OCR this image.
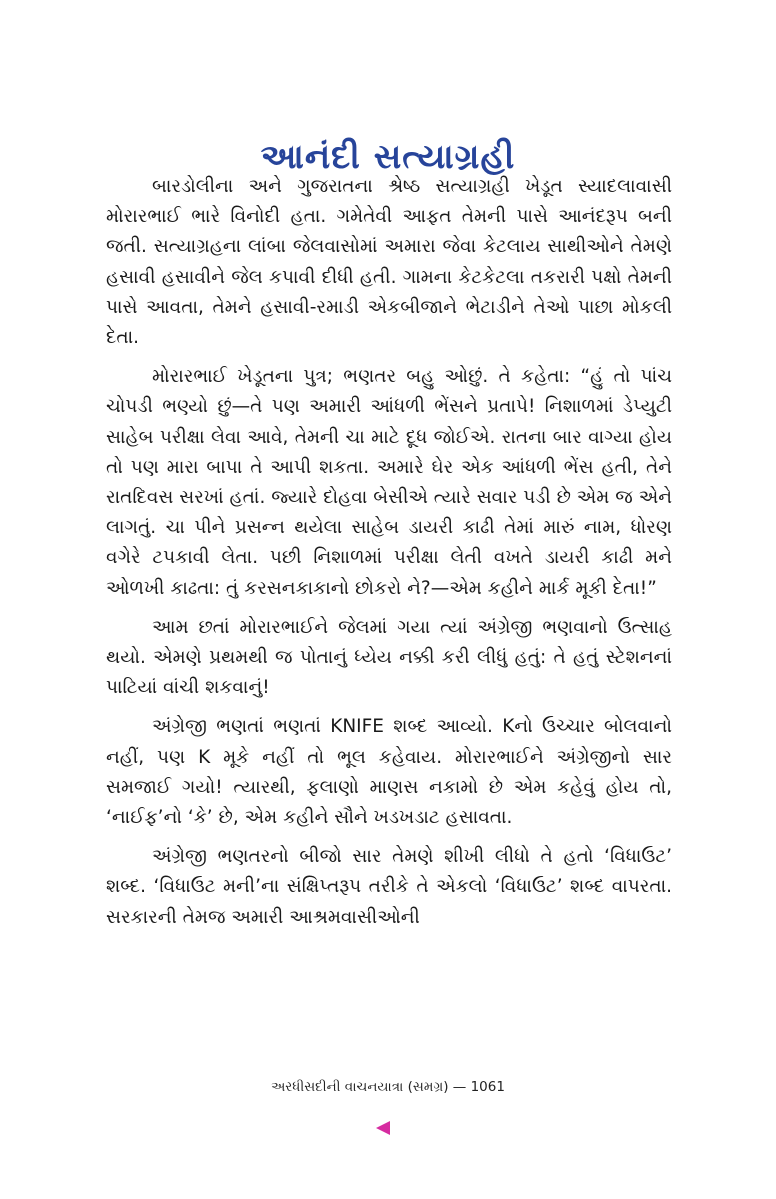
આનંદી સત્યાગ્રહી

બારડોલીના અને ગુજરાતના શ્રેષ્ઠ સત્યાગ્રહી ખેડૂત સ્યાદલાવાસી મોરારભાઈ ભારે વિનોદી હતા. ગમેતેવી આફત તેમની પાસે આનંદરૂપ બની જતી. સત્યાગ્રહના લાંબા જેલવાસોમાં અમારા જેવા કેટલાય સાથીઓને તેમણે હસાવી હસાવીને જેલ કપાવી દીધી હતી. ગામના કેટકેટલા તકરારી પક્ષો તેમની પાસે આવતા, તેમને હસાવી-રમાડી એકબીજાને ભેટાડીને તેઓ પાછા મોકલી દેતા.

મોરારભાઈ ખેડૂતના પુત્ર; ભણતર બહુ ઓછું. તે કહેતા: “હું તો પાંચ ચોપડી ભણ્યો છું—તે પણ અમારી આંધળી ભેંસને પ્રતાપે! નિશાળમાં ડેપ્યુટી સાહેબ પરીક્ષા લેવા આવે, તેમની ચા માટે દૂધ જોઈએ. રાતના બાર વાગ્યા હોય તો પણ મારા બાપા તે આપી શકતા. અમારે ઘેર એક આંધળી ભેંસ હતી, તેને રાતદિવસ સરખાં હતાં. જ્યારે દોહવા બેસીએ ત્યારે સવાર પડી છે એમ જ એને લાગતું. ચા પીને પ્રસન્ન થયેલા સાહેબ ડાયરી કાઢી તેમાં મારું નામ, ધોરણ વગેરે ટપકાવી લેતા. પછી નિશાળમાં પરીક્ષા લેતી વખતે ડાયરી કાઢી મને ઓળખી કાઢતા: તું કરસનકાકાનો છોકરો ને?—એમ કહીને માર્ક મૂકી દેતા!”

આમ છતાં મોરારભાઈને જેલમાં ગયા ત્યાં અંગ્રેજી ભણવાનો ઉત્સાહ થયો. એમણે પ્રથમથી જ પોતાનું ધ્યેય નક્કી કરી લીધું હતું: તે હતું સ્ટેશનનાં પાટિયાં વાંચી શકવાનું!

અંગ્રેજી ભણતાં ભણતાં KNIFE શબ્દ આવ્યો. Kનો ઉચ્ચાર બોલવાનો નહીં, પણ K મૂકે નહીં તો ભૂલ કહેવાય. મોરારભાઈને અંગ્રેજીનો સાર સમજાઈ ગયો! ત્યારથી, ફલાણો માણસ નકામો છે એમ કહેવું હોય તો, ‘નાઈફ’નો ‘કે’ છે, એમ કહીને સૌને ખડખડાટ હસાવતા.

અંગ્રેજી ભણતરનો બીજો સાર તેમણે શીખી લીધો તે હતો ‘વિધાઉટ’ શબ્દ. ‘વિધાઉટ મની’ના સંક્ષિપ્તરૂપ તરીકે તે એકલો ‘વિધાઉટ’ શબ્દ વાપરતા. સરકારની તેમજ અમારી આશ્રમવાસીઓની

અરધીસદીની વાચનયાત્રા (સમગ્ર) — 1061
